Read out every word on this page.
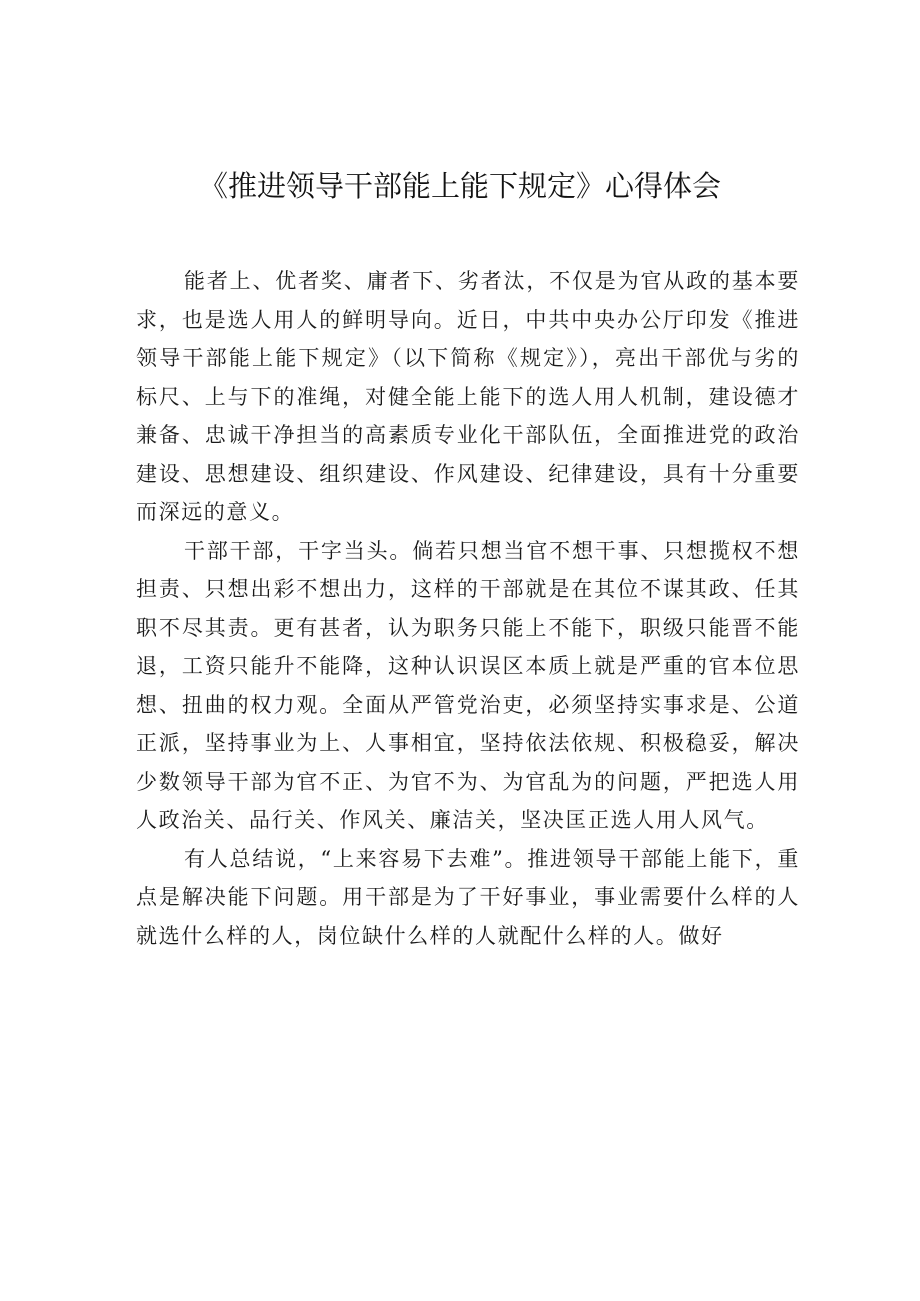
《推进领导干部能上能下规定》心得体会

能者上、优者奖、庸者下、劣者汰，不仅是为官从政的基本要求，也是选人用人的鲜明导向。近日，中共中央办公厅印发《推进领导干部能上能下规定》（以下简称《规定》），亮出干部优与劣的标尺、上与下的准绳，对健全能上能下的选人用人机制，建设德才兼备、忠诚干净担当的高素质专业化干部队伍，全面推进党的政治建设、思想建设、组织建设、作风建设、纪律建设，具有十分重要而深远的意义。

干部干部，干字当头。倘若只想当官不想干事、只想揽权不想担责、只想出彩不想出力，这样的干部就是在其位不谋其政、任其职不尽其责。更有甚者，认为职务只能上不能下，职级只能晋不能退，工资只能升不能降，这种认识误区本质上就是严重的官本位思想、扭曲的权力观。全面从严管党治吏，必须坚持实事求是、公道正派，坚持事业为上、人事相宜，坚持依法依规、积极稳妥，解决少数领导干部为官不正、为官不为、为官乱为的问题，严把选人用人政治关、品行关、作风关、廉洁关，坚决匡正选人用人风气。

有人总结说，“上来容易下去难”。推进领导干部能上能下，重点是解决能下问题。用干部是为了干好事业，事业需要什么样的人就选什么样的人，岗位缺什么样的人就配什么样的人。做好
